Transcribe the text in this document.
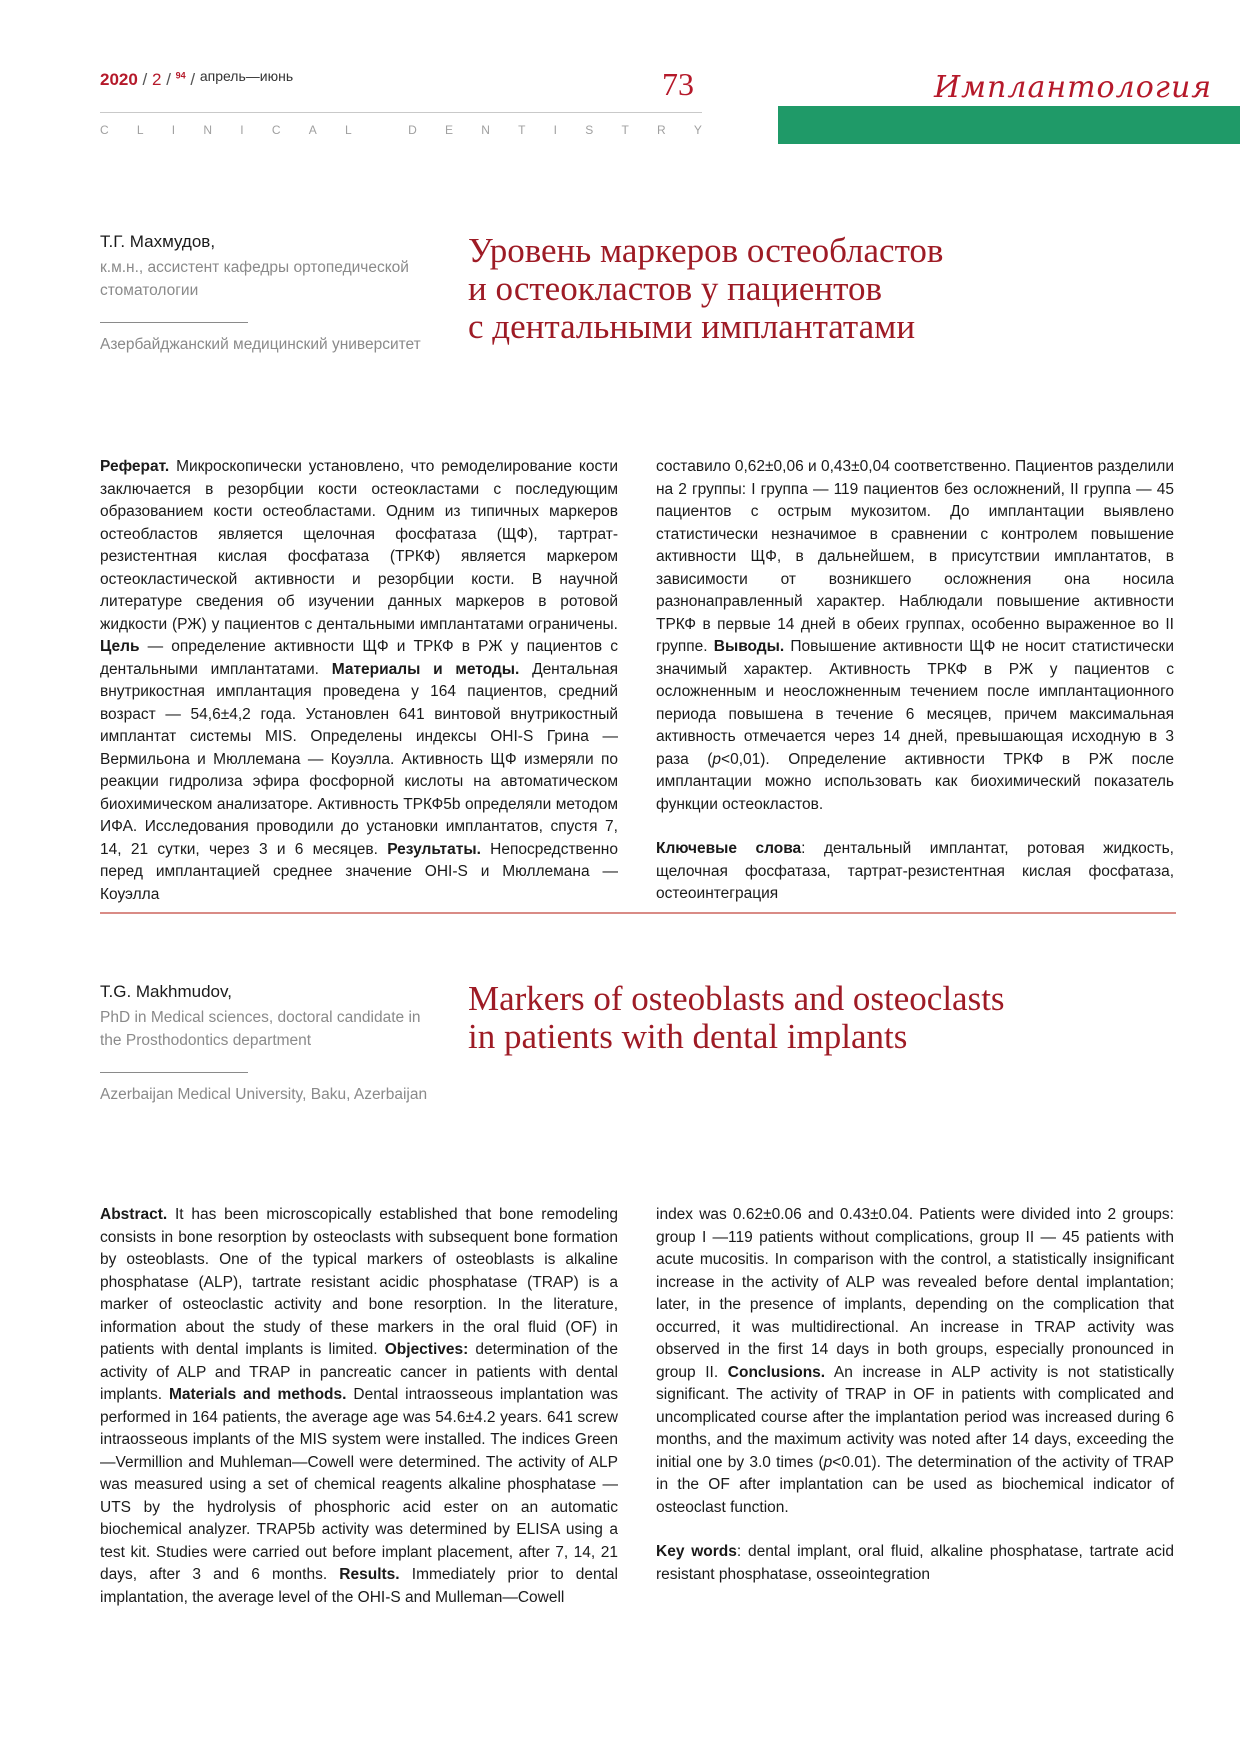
2020 / 2 / $^{94}$ / $^{апрель—июнь}$	73
C L I N I C A L	D E N T I S T R Y
Имплантология
Т.Г. Махмудов,
к.м.н., ассистент кафедры ортопедической стоматологии
Азербайджанский медицинский университет
Уровень маркеров остеобластов
и остеокластов у пациентов
с дентальными имплантатами

Реферат. Микроскопически установлено, что ремоделирование кости заключается в резорбции кости остеокластами с последующим образованием кости остеобластами. Одним из типичных маркеров остеобластов является щелочная фосфатаза (ЩФ), тартрат-резистентная кислая фосфатаза (ТРКФ) является маркером остеокластической активности и резорбции кости. В научной литературе сведения об изучении данных маркеров в ротовой жидкости (РЖ) у пациентов с дентальными имплантатами ограничены. Цель — определение активности ЩФ и ТРКФ в РЖ у пациентов с дентальными имплантатами. Материалы и методы. Дентальная внутрикостная имплантация проведена у 164 пациентов, средний возраст — 54,6±4,2 года. Установлен 641 винтовой внутрикостный имплантат системы MIS. Определены индексы OHI-S Грина — Вермильона и Мюллемана — Коуэлла. Активность ЩФ измеряли по реакции гидролиза эфира фосфорной кислоты на автоматическом биохимическом анализаторе. Активность ТРКФ5b определяли методом ИФА. Исследования проводили до установки имплантатов, спустя 7, 14, 21 сутки, через 3 и 6 месяцев. Результаты. Непосредственно перед имплантацией среднее значение OHI-S и Мюллемана — Коуэлла

составило 0,62±0,06 и 0,43±0,04 соответственно. Пациентов разделили на 2 группы: I группа — 119 пациентов без осложнений, II группа — 45 пациентов с острым мукозитом. До имплантации выявлено статистически незначимое в сравнении с контролем повышение активности ЩФ, в дальнейшем, в присутствии имплантатов, в зависимости от возникшего осложнения она носила разнонаправленный характер. Наблюдали повышение активности ТРКФ в первые 14 дней в обеих группах, особенно выраженное во II группе. Выводы. Повышение активности ЩФ не носит статистически значимый характер. Активность ТРКФ в РЖ у пациентов с осложненным и неосложненным течением после имплантационного периода повышена в течение 6 месяцев, причем максимальная активность отмечается через 14 дней, превышающая исходную в 3 раза (p<0,01). Определение активности ТРКФ в РЖ после имплантации можно использовать как биохимический показатель функции остеокластов.

Ключевые слова: дентальный имплантат, ротовая жидкость, щелочная фосфатаза, тартрат-резистентная кислая фосфатаза, остеоинтеграция

T.G. Makhmudov,
PhD in Medical sciences, doctoral candidate in the Prosthodontics department
Azerbaijan Medical University, Baku, Azerbaijan
Markers of osteoblasts and osteoclasts
in patients with dental implants

Abstract. It has been microscopically established that bone remodeling consists in bone resorption by osteoclasts with subsequent bone formation by osteoblasts. One of the typical markers of osteoblasts is alkaline phosphatase (ALP), tartrate resistant acidic phosphatase (TRAP) is a marker of osteoclastic activity and bone resorption. In the literature, information about the study of these markers in the oral fluid (OF) in patients with dental implants is limited. Objectives: determination of the activity of ALP and TRAP in pancreatic cancer in patients with dental implants. Materials and methods. Dental intraosseous implantation was performed in 164 patients, the average age was 54.6±4.2 years. 641 screw intraosseous implants of the MIS system were installed. The indices Green—Vermillion and Muhleman—Cowell were determined. The activity of ALP was measured using a set of chemical reagents alkaline phosphatase — UTS by the hydrolysis of phosphoric acid ester on an automatic biochemical analyzer. TRAP5b activity was determined by ELISA using a test kit. Studies were carried out before implant placement, after 7, 14, 21 days, after 3 and 6 months. Results. Immediately prior to dental implantation, the average level of the OHI-S and Mulleman—Cowell

index was 0.62±0.06 and 0.43±0.04. Patients were divided into 2 groups: group I —119 patients without complications, group II — 45 patients with acute mucositis. In comparison with the control, a statistically insignificant increase in the activity of ALP was revealed before dental implantation; later, in the presence of implants, depending on the complication that occurred, it was multidirectional. An increase in TRAP activity was observed in the first 14 days in both groups, especially pronounced in group II. Conclusions. An increase in ALP activity is not statistically significant. The activity of TRAP in OF in patients with complicated and uncomplicated course after the implantation period was increased during 6 months, and the maximum activity was noted after 14 days, exceeding the initial one by 3.0 times (p<0.01). The determination of the activity of TRAP in the OF after implantation can be used as biochemical indicator of osteoclast function.

Key words: dental implant, oral fluid, alkaline phosphatase, tartrate acid resistant phosphatase, osseointegration
